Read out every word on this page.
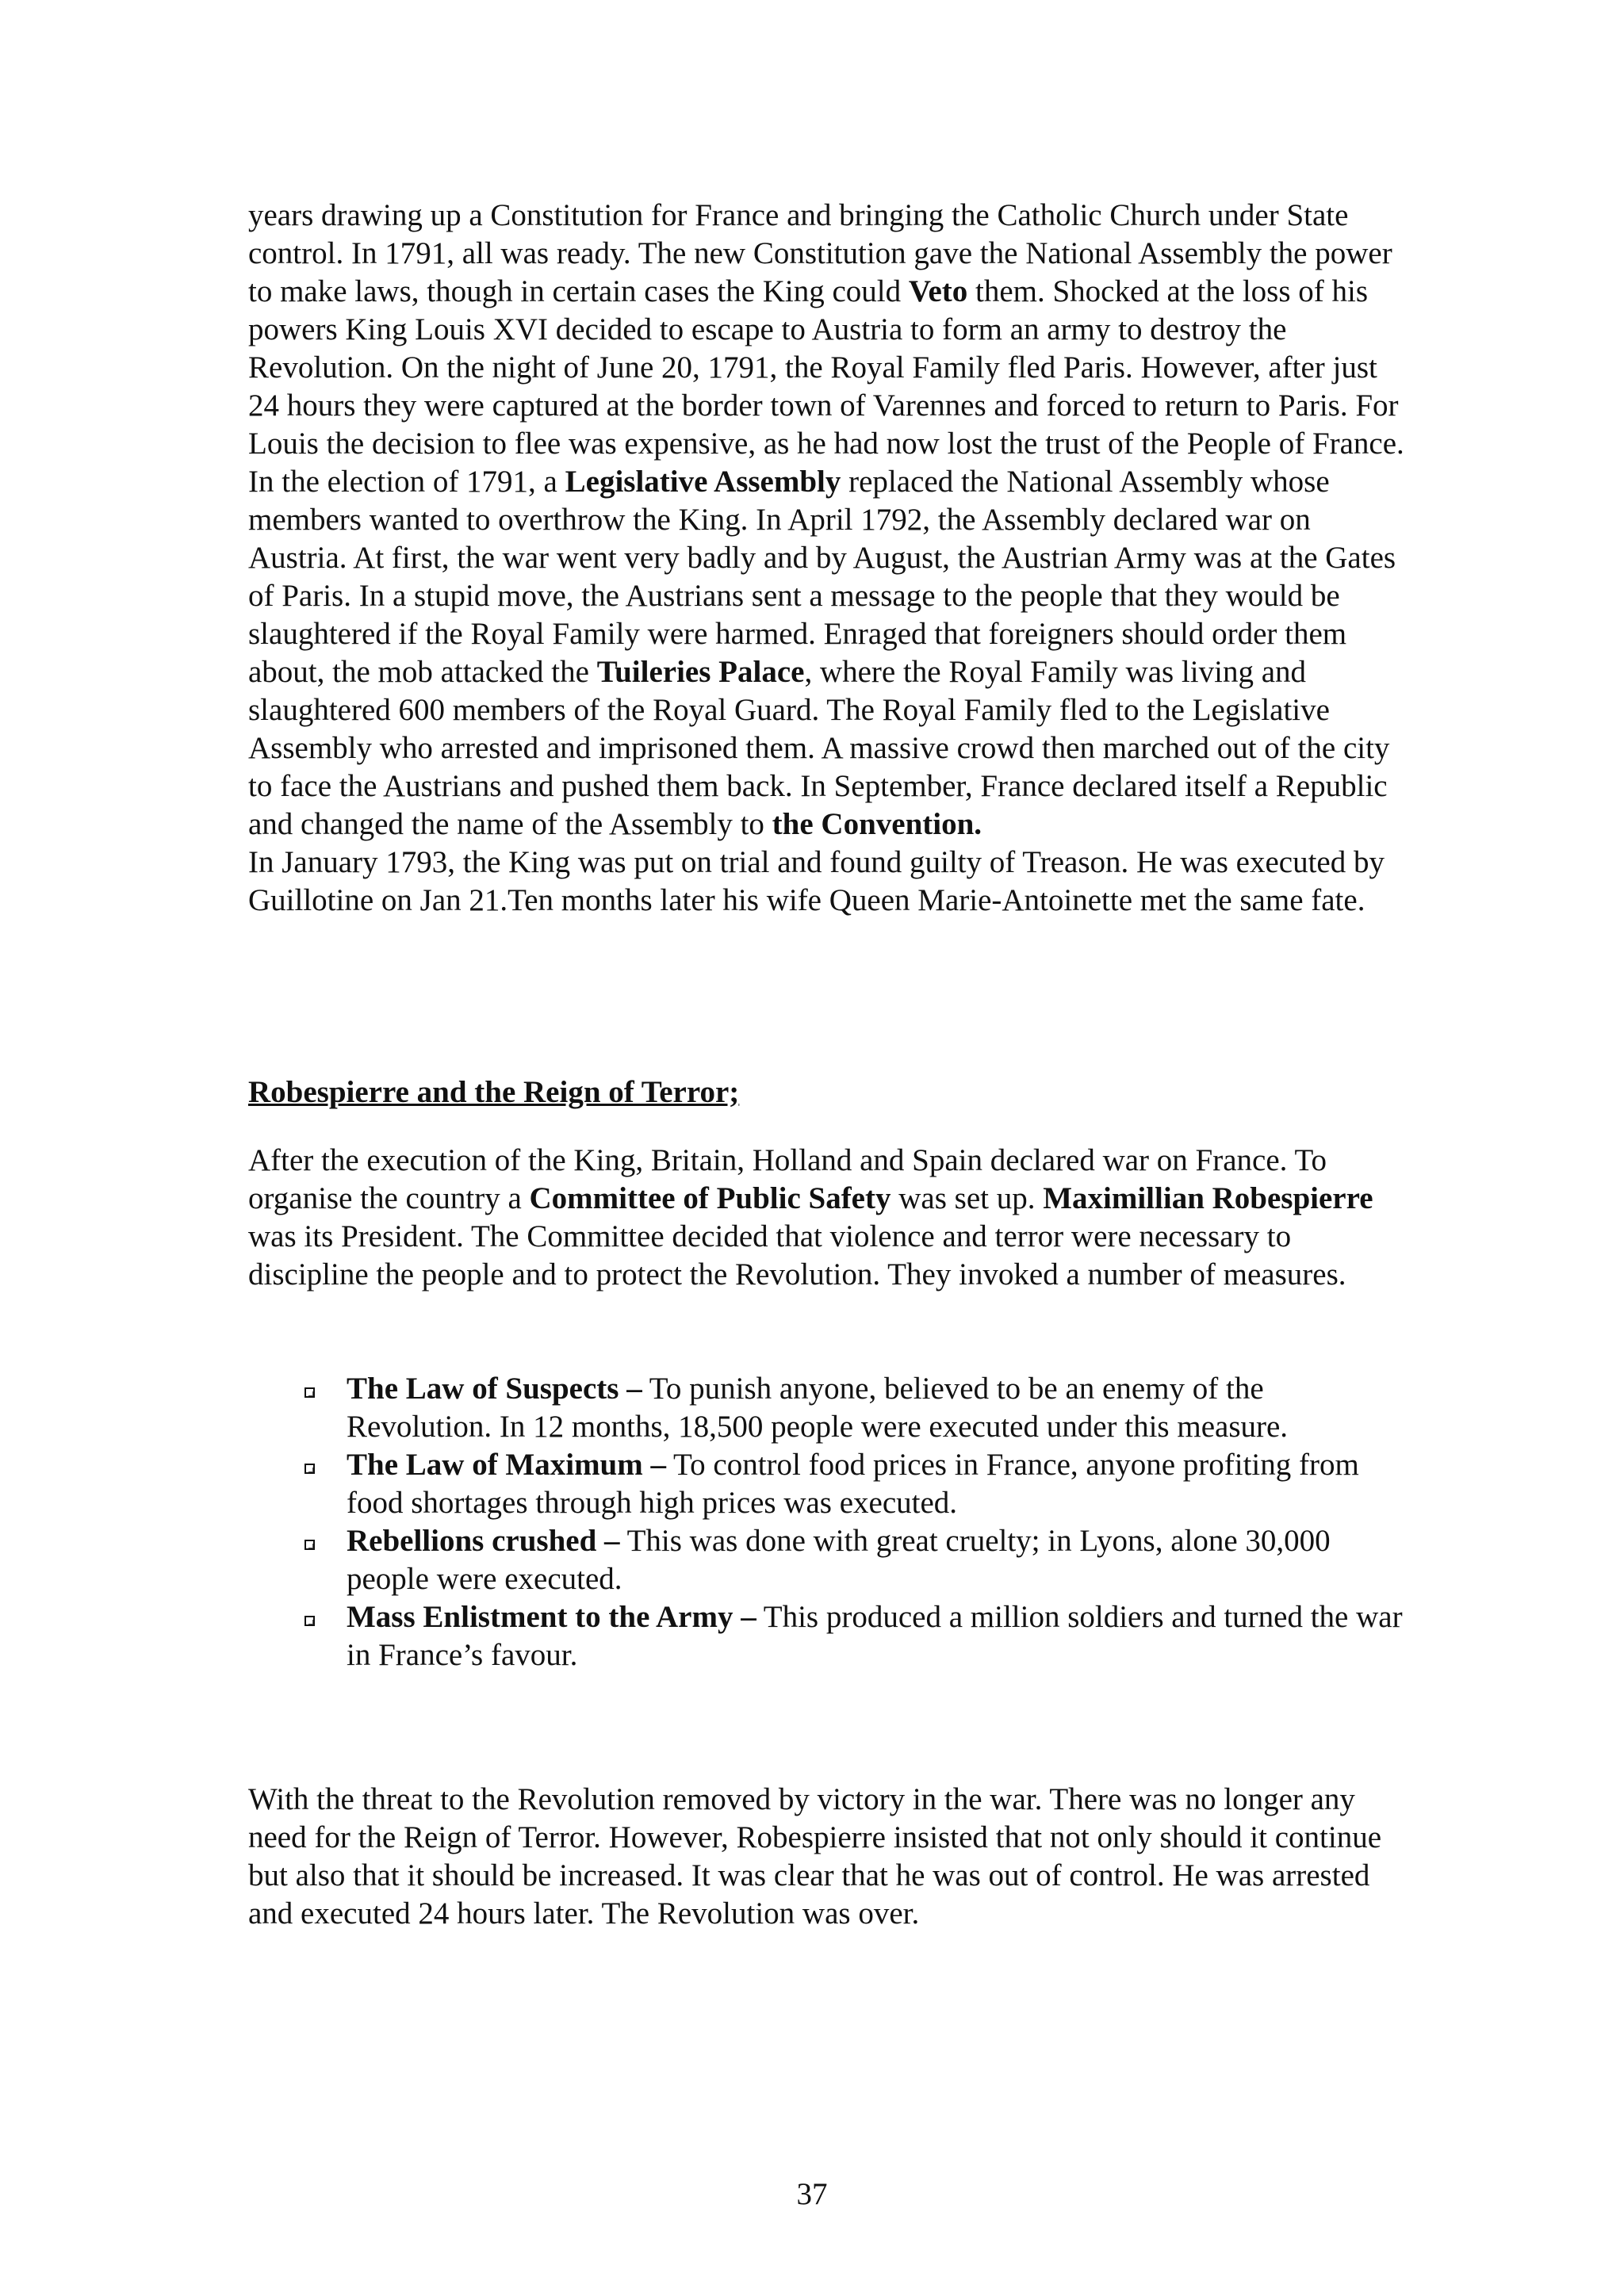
years drawing up a Constitution for France and bringing the Catholic Church under State control. In 1791, all was ready. The new Constitution gave the National Assembly the power to make laws, though in certain cases the King could Veto them. Shocked at the loss of his powers King Louis XVI decided to escape to Austria to form an army to destroy the Revolution. On the night of June 20, 1791, the Royal Family fled Paris. However, after just 24 hours they were captured at the border town of Varennes and forced to return to Paris. For Louis the decision to flee was expensive, as he had now lost the trust of the People of France.

In the election of 1791, a Legislative Assembly replaced the National Assembly whose members wanted to overthrow the King. In April 1792, the Assembly declared war on Austria. At first, the war went very badly and by August, the Austrian Army was at the Gates of Paris. In a stupid move, the Austrians sent a message to the people that they would be slaughtered if the Royal Family were harmed. Enraged that foreigners should order them about, the mob attacked the Tuileries Palace, where the Royal Family was living and slaughtered 600 members of the Royal Guard. The Royal Family fled to the Legislative Assembly who arrested and imprisoned them. A massive crowd then marched out of the city to face the Austrians and pushed them back. In September, France declared itself a Republic and changed the name of the Assembly to the Convention.

In January 1793, the King was put on trial and found guilty of Treason. He was executed by Guillotine on Jan 21.Ten months later his wife Queen Marie-Antoinette met the same fate.

Robespierre and the Reign of Terror;

After the execution of the King, Britain, Holland and Spain declared war on France. To organise the country a Committee of Public Safety was set up. Maximillian Robespierre was its President. The Committee decided that violence and terror were necessary to discipline the people and to protect the Revolution. They invoked a number of measures.

The Law of Suspects – To punish anyone, believed to be an enemy of the Revolution. In 12 months, 18,500 people were executed under this measure.
The Law of Maximum – To control food prices in France, anyone profiting from food shortages through high prices was executed.
Rebellions crushed – This was done with great cruelty; in Lyons, alone 30,000 people were executed.
Mass Enlistment to the Army – This produced a million soldiers and turned the war in France’s favour.

With the threat to the Revolution removed by victory in the war. There was no longer any need for the Reign of Terror. However, Robespierre insisted that not only should it continue but also that it should be increased. It was clear that he was out of control. He was arrested and executed 24 hours later. The Revolution was over.

37
